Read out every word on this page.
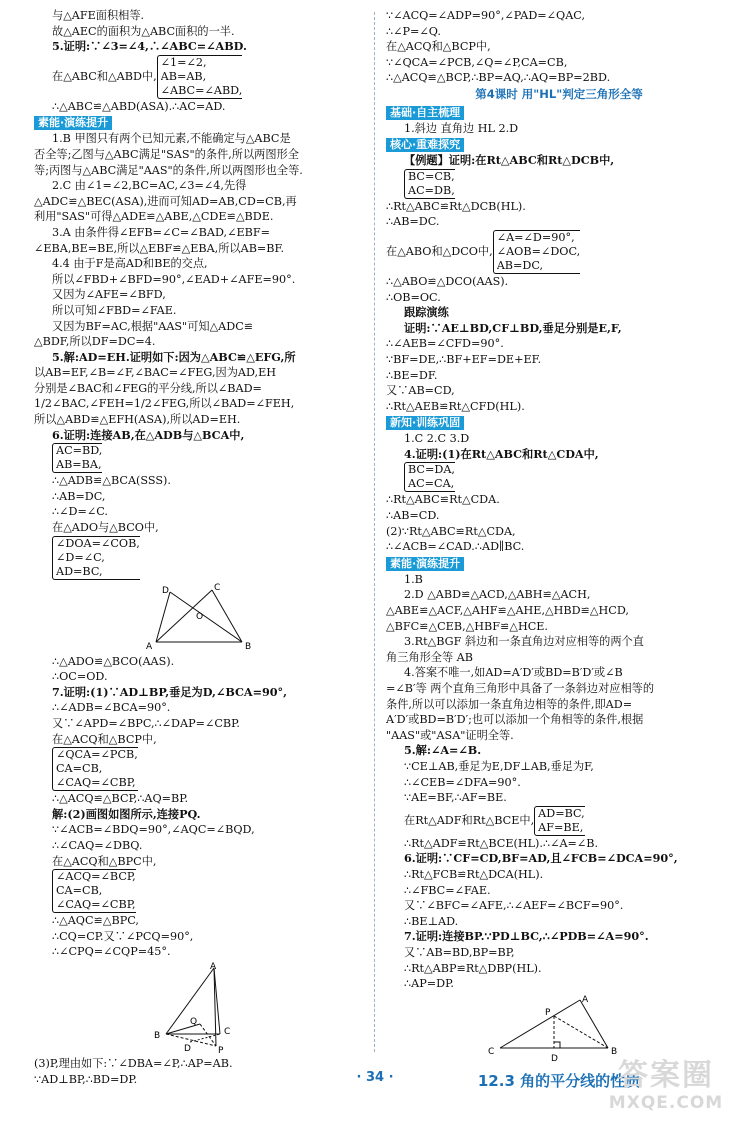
与△AFE面积相等.
故△AEC的面积为△ABC面积的一半.
5.证明:∵∠3=∠4,∴∠ABC=∠ABD.
在△ABC和△ABD中,
∠1=∠2,
AB=AB,
∠ABC=∠ABD,
∴△ABC≌△ABD(ASA).∴AC=AD.
素能·演练提升
1.B 甲图只有两个已知元素,不能确定与△ABC是
否全等;乙图与△ABC满足"SAS"的条件,所以两图形全
等;丙图与△ABC满足"AAS"的条件,所以两图形也全等.
2.C 由∠1=∠2,BC=AC,∠3=∠4,先得
△ADC≌△BEC(ASA),进而可知AD=AB,CD=CB,再
利用"SAS"可得△ADE≌△ABE,△CDE≌△BDE.
3.A 由条件得∠EFB=∠C=∠BAD,∠EBF=
∠EBA,BE=BE,所以△EBF≌△EBA,所以AB=BF.
4.4 由于F是高AD和BE的交点,
所以∠FBD+∠BFD=90°,∠EAD+∠AFE=90°.
又因为∠AFE=∠BFD,
所以可知∠FBD=∠FAE.
又因为BF=AC,根据"AAS"可知△ADC≌
△BDF,所以DF=DC=4.
5.解:AD=EH.证明如下:因为△ABC≌△EFG,所
以AB=EF,∠B=∠F,∠BAC=∠FEG,因为AD,EH
分别是∠BAC和∠FEG的平分线,所以∠BAD=
1/2∠BAC,∠FEH=1/2∠FEG,所以∠BAD=∠FEH,
所以△ABD≌△EFH(ASA),所以AD=EH.
6.证明:连接AB,在△ADB与△BCA中,
AC=BD,
AB=BA,
∴△ADB≌△BCA(SSS).
∴AB=DC,
∴∠D=∠C.
在△ADO与△BCO中,
∠DOA=∠COB,
∠D=∠C,
AD=BC,
D	C
O
A	B
∴△ADO≌△BCO(AAS).
∴OC=OD.
7.证明:(1)∵AD⊥BP,垂足为D,∠BCA=90°,
∴∠ADB=∠BCA=90°.
又∵∠APD=∠BPC,∴∠DAP=∠CBP.
在△ACQ和△BCP中,
∠QCA=∠PCB,
CA=CB,
∠CAQ=∠CBP,
∴△ACQ≌△BCP,∴AQ=BP.
解:(2)画图如图所示,连接PQ.
∵∠ACB=∠BDQ=90°,∠AQC=∠BQD,
∴∠CAQ=∠DBQ.
在△ACQ和△BPC中,
∠ACQ=∠BCP,
CA=CB,
∠CAQ=∠CBP,
∴△AQC≌△BPC,
∴CQ=CP.又∵∠PCQ=90°,
∴∠CPQ=∠CQP=45°.
A
Q
C
B
D	P
(3)P,理由如下:∵∠DBA=∠P,∴AP=AB.
∵AD⊥BP,∴BD=DP.
∵∠ACQ=∠ADP=90°,∠PAD=∠QAC,
∴∠P=∠Q.
在△ACQ和△BCP中,
∵∠QCA=∠PCB,∠Q=∠P,CA=CB,
∴△ACQ≌△BCP,∴BP=AQ,∴AQ=BP=2BD.
第4课时 用"HL"判定三角形全等
基础·自主梳理
1.斜边 直角边 HL 2.D
核心·重难探究
【例题】证明:在Rt△ABC和Rt△DCB中,
BC=CB,
AC=DB,
∴Rt△ABC≌Rt△DCB(HL).
∴AB=DC.
在△ABO和△DCO中,
∠A=∠D=90°,
∠AOB=∠DOC,
AB=DC,
∴△ABO≌△DCO(AAS).
∴OB=OC.
跟踪演练
证明:∵AE⊥BD,CF⊥BD,垂足分别是E,F,
∴∠AEB=∠CFD=90°.
∵BF=DE,∴BF+EF=DE+EF.
∴BE=DF.
又∵AB=CD,
∴Rt△AEB≌Rt△CFD(HL).
新知·训练巩固
1.C 2.C 3.D
4.证明:(1)在Rt△ABC和Rt△CDA中,
BC=DA,
AC=CA,
∴Rt△ABC≌Rt△CDA.
∴AB=CD.
(2)∵Rt△ABC≌Rt△CDA,
∴∠ACB=∠CAD.∴AD∥BC.
素能·演练提升
1.B
2.D △ABD≌△ACD,△ABH≌△ACH,
△ABE≌△ACF,△AHF≌△AHE,△HBD≌△HCD,
△BFC≌△CEB,△HBF≌△HCE.
3.Rt△BGF 斜边和一条直角边对应相等的两个直
角三角形全等 AB
4.答案不唯一,如AD=A′D′或BD=B′D′或∠B
=∠B′等 两个直角三角形中具备了一条斜边对应相等的
条件,所以可以添加一条直角边相等的条件,即AD=
A′D′或BD=B′D′;也可以添加一个角相等的条件,根据
"AAS"或"ASA"证明全等.
5.解:∠A=∠B.
∵CE⊥AB,垂足为E,DF⊥AB,垂足为F,
∴∠CEB=∠DFA=90°.
∵AE=BF,∴AF=BE.
在Rt△ADF和Rt△BCE中,
AD=BC,
AF=BE,
∴Rt△ADF≌Rt△BCE(HL).∴∠A=∠B.
6.证明:∵CF=CD,BF=AD,且∠FCB=∠DCA=90°,
∴Rt△FCB≌Rt△DCA(HL).
∴∠FBC=∠FAE.
又∵∠BFC=∠AFE,∴∠AEF=∠BCF=90°.
∴BE⊥AD.
7.证明:连接BP.∵PD⊥BC,∴∠PDB=∠A=90°.
又∵AB=BD,BP=BP,
∴Rt△ABP≌Rt△DBP(HL).
∴AP=DP.
A
P
C
D
B
12.3 角的平分线的性质
· 34 ·	答案圈
MXQE.COM
